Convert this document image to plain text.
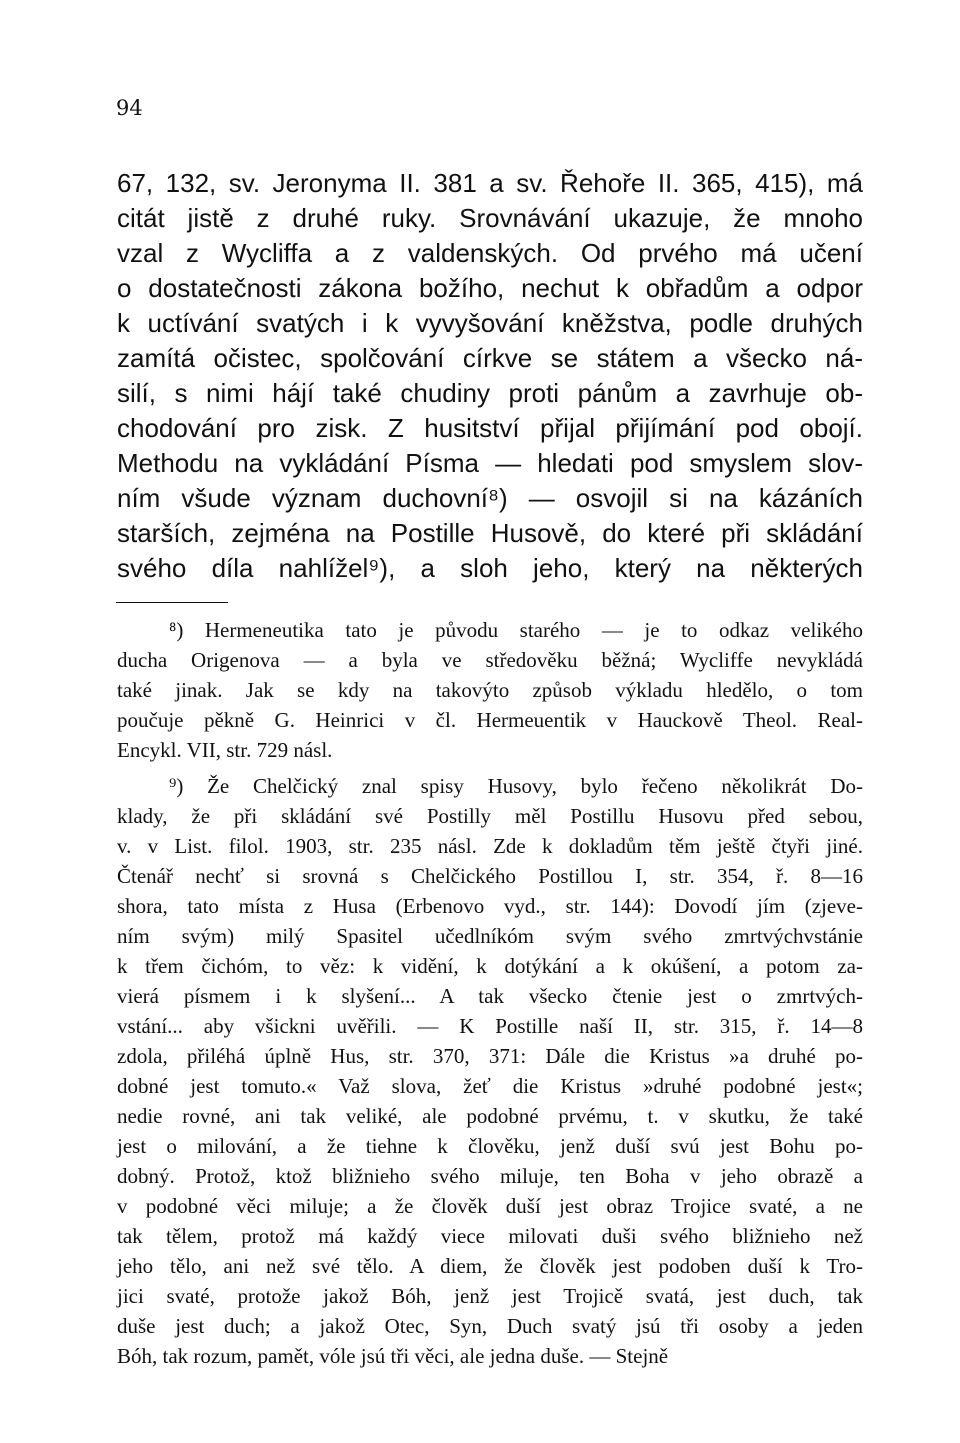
94
67, 132, sv. Jeronyma II. 381 a sv. Řehoře II. 365, 415), má
citát jistě z druhé ruky. Srovnávání ukazuje, že mnoho
vzal z Wycliffa a z valdenských. Od prvého má učení
o dostatečnosti zákona božího, nechut k obřadům a odpor
k uctívání svatých i k vyvyšování kněžstva, podle druhých
zamítá očistec, spolčování církve se státem a všecko ná-
silí, s nimi hájí také chudiny proti pánům a zavrhuje ob-
chodování pro zisk. Z husitství přijal přijímání pod obojí.
Methodu na vykládání Písma — hledati pod smyslem slov-
ním všude význam duchovní⁸) — osvojil si na kázáních
starších, zejména na Postille Husově, do které při skládání
svého díla nahlížel⁹), a sloh jeho, který na některých
⁸) Hermeneutika tato je původu starého — je to odkaz velikého
ducha Origenova — a byla ve středověku běžná; Wycliffe nevykládá
také jinak. Jak se kdy na takovýto způsob výkladu hledělo, o tom
poučuje pěkně G. Heinrici v čl. Hermeuentik v Hauckově Theol. Real-
Encykl. VII, str. 729 násl.
⁹) Že Chelčický znal spisy Husovy, bylo řečeno několikrát Do-
klady, že při skládání své Postilly měl Postillu Husovu před sebou,
v. v List. filol. 1903, str. 235 násl. Zde k dokladům těm ještě čtyři jiné.
Čtenář nechť si srovná s Chelčického Postillou I, str. 354, ř. 8—16
shora, tato místa z Husa (Erbenovo vyd., str. 144): Dovodí jím (zjeve-
ním svým) milý Spasitel učedlníkóm svým svého zmrtvýchvstánie
k třem čichóm, to věz: k vidění, k dotýkání a k okúšení, a potom za-
vierá písmem i k slyšení... A tak všecko čtenie jest o zmrtvých-
vstání... aby všickni uvěřili. — K Postille naší II, str. 315, ř. 14—8
zdola, přiléhá úplně Hus, str. 370, 371: Dále die Kristus »a druhé po-
dobné jest tomuto.« Važ slova, žeť die Kristus »druhé podobné jest«;
nedie rovné, ani tak veliké, ale podobné prvému, t. v skutku, že také
jest o milování, a že tiehne k člověku, jenž duší svú jest Bohu po-
dobný. Protož, ktož bližnieho svého miluje, ten Boha v jeho obrazě a
v podobné věci miluje; a že člověk duší jest obraz Trojice svaté, a ne
tak tělem, protož má každý viece milovati duši svého bližnieho než
jeho tělo, ani než své tělo. A diem, že člověk jest podoben duší k Tro-
jici svaté, protože jakož Bóh, jenž jest Trojicě svatá, jest duch, tak
duše jest duch; a jakož Otec, Syn, Duch svatý jsú tři osoby a jeden
Bóh, tak rozum, pamět, vóle jsú tři věci, ale jedna duše. — Stejně
